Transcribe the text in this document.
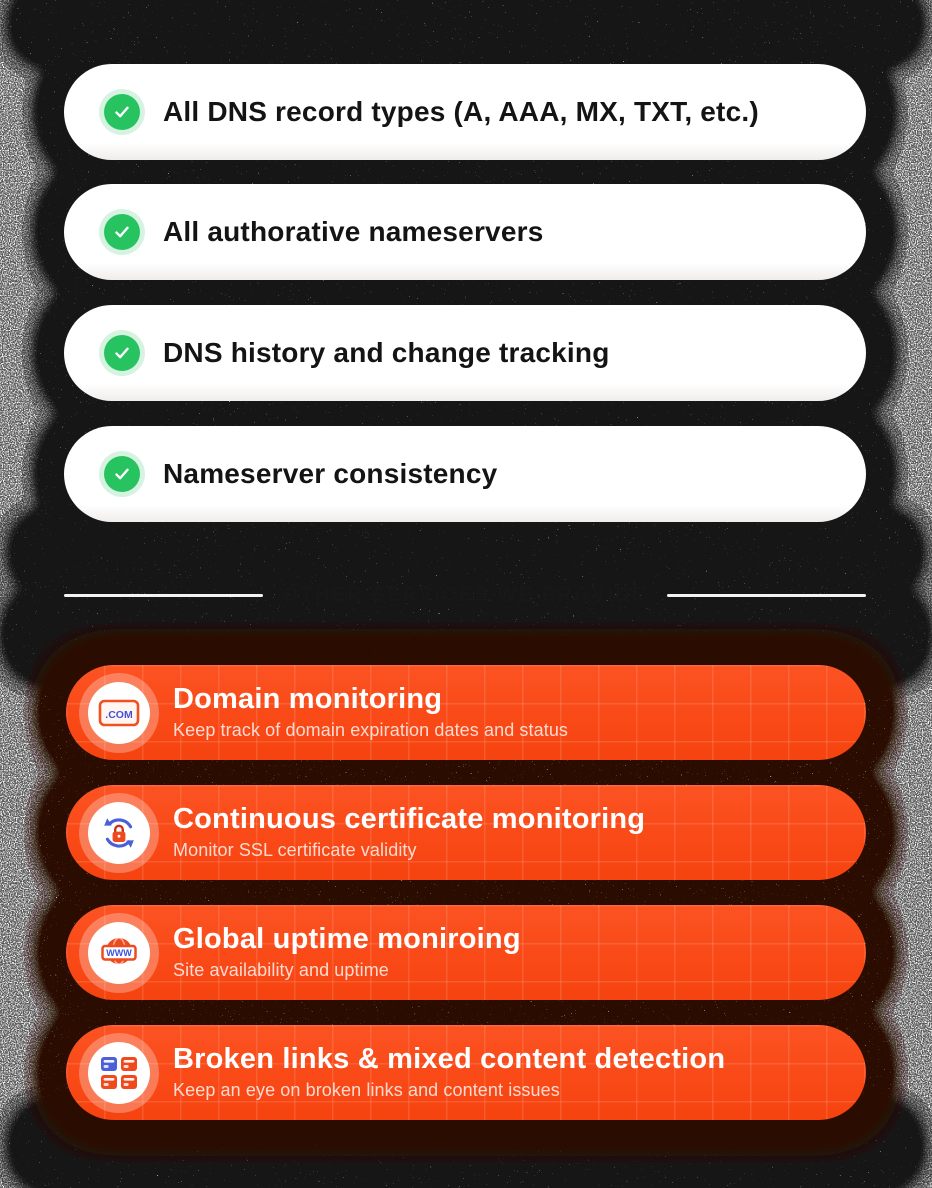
All DNS record types (A, AAA, MX, TXT, etc.)
All authorative nameservers
DNS history and change tracking
Nameserver consistency
OTHER SERVICES WE PROVIDE
.COM Domain monitoring
Keep track of domain expiration dates and status
Continuous certificate monitoring
Monitor SSL certificate validity
WWW Global uptime moniroing
Site availability and uptime
Broken links & mixed content detection
Keep an eye on broken links and content issues
